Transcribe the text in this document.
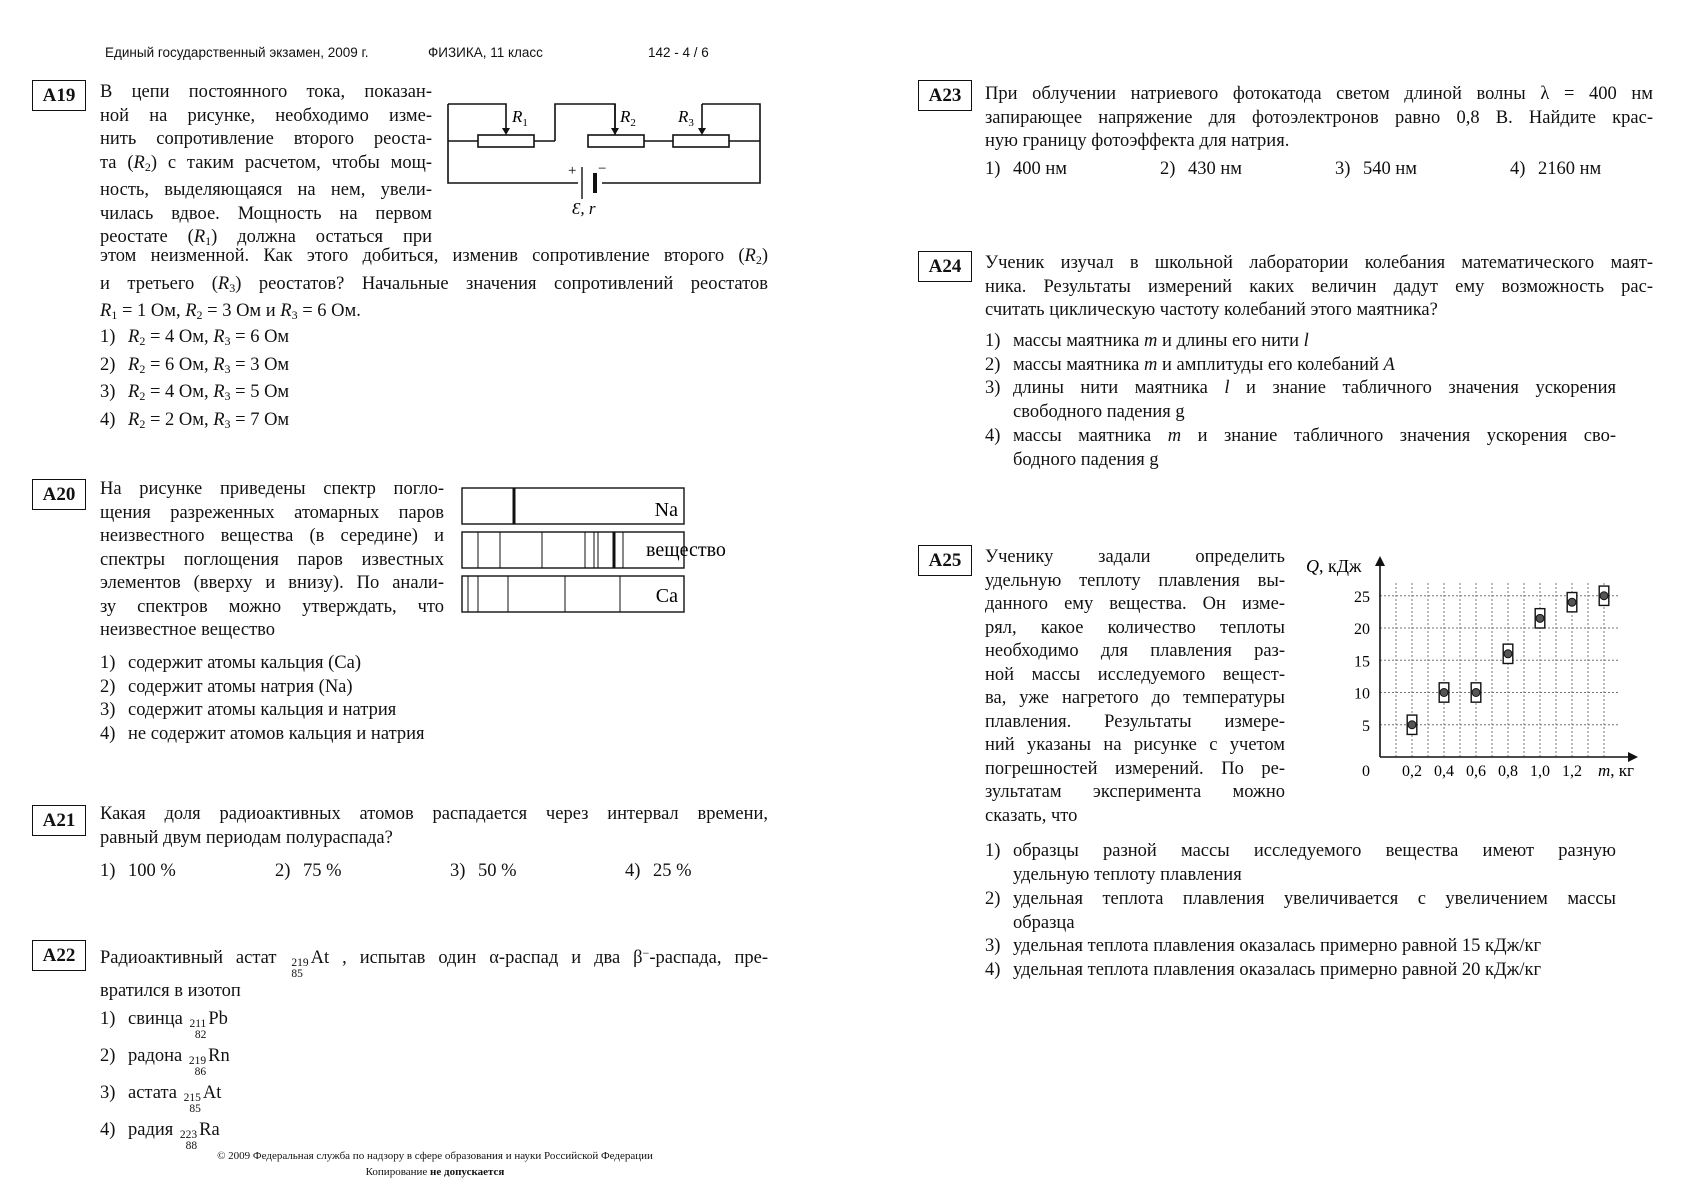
Единый государственный экзамен, 2009 г.	ФИЗИКА, 11 класс	142 - 4 / 6
А19	В цепи постоянного тока, показан-
ной на рисунке, необходимо изме-
нить сопротивление второго реоста-
та $(R_2)$ с таким расчетом, чтобы мощ-
ность, выделяющаяся на нем, увели-
чилась вдвое. Мощность на первом
реостате $(R_1)$ должна остаться при
этом неизменной. Как этого добиться, изменив сопротивление второго $(R_2)$
и третьего $(R_3)$ реостатов? Начальные значения сопротивлений реостатов
$R_1 = 1$ Ом, $R_2 = 3$ Ом и $R_3 = 6$ Ом.
1) $R_2 = 4$ Ом, $R_3 = 6$ Ом
2) $R_2 = 6$ Ом, $R_3 = 3$ Ом
3) $R_2 = 4$ Ом, $R_3 = 5$ Ом
4) $R_2 = 2$ Ом, $R_3 = 7$ Ом
$R_1$	$R_2$ $R_3$
+ −
Ɛ, r
А20	На рисунке приведены спектр погло-
щения разреженных атомарных паров
неизвестного вещества (в середине) и
спектры поглощения паров известных
элементов (вверху и внизу). По анали-
зу спектров можно утверждать, что
неизвестное вещество
1) содержит атомы кальция (Ca)
2) содержит атомы натрия (Na)
3) содержит атомы кальция и натрия
4) не содержит атомов кальция и натрия
Na
вещество
Ca
А21	Какая доля радиоактивных атомов распадается через интервал времени,
равный двум периодам полураспада?
1) 100 %	2) 75 %	3) 50 %	4) 25 %
А22	Радиоактивный астат 219
85
At , испытав один α-распад и два β−-распада, пре-
вратился в изотоп
1) свинца 211
82
Pb
2) радона 219
86
Rn
3) астата 215
85
At
4) радия 223
88
Ra
© 2009 Федеральная служба по надзору в сфере образования и науки Российской Федерации
Копирование не допускается
А23	При облучении натриевого фотокатода светом длиной волны λ = 400 нм
запирающее напряжение для фотоэлектронов равно 0,8 В. Найдите крас-
ную границу фотоэффекта для натрия.
1) 400 нм	2) 430 нм	3) 540 нм	4) 2160 нм
А24	Ученик изучал в школьной лаборатории колебания математического маят-
ника. Результаты измерений каких величин дадут ему возможность рас-
считать циклическую частоту колебаний этого маятника?
1) массы маятника m и длины его нити l
2) массы маятника m и амплитуды его колебаний A
3) длины нити маятника l и знание табличного значения ускорения
свободного падения g
4) массы маятника m и знание табличного значения ускорения сво-
бодного падения g
А25	Ученику задали определить
удельную теплоту плавления вы-
данного ему вещества. Он изме-
рял, какое количество теплоты
необходимо для плавления раз-
ной массы исследуемого вещест-
ва, уже нагретого до температуры
плавления. Результаты измере-
ний указаны на рисунке с учетом
погрешностей измерений. По ре-
зультатам эксперимента можно
сказать, что
Q, кДж
m, кг
5
10
15
20
25
0 0,2 0,4 0,6 0,8 1,0 1,2
1) образцы разной массы исследуемого вещества имеют разную
удельную теплоту плавления
2) удельная теплота плавления увеличивается с увеличением массы
образца
3) удельная теплота плавления оказалась примерно равной 15 кДж/кг
4) удельная теплота плавления оказалась примерно равной 20 кДж/кг
